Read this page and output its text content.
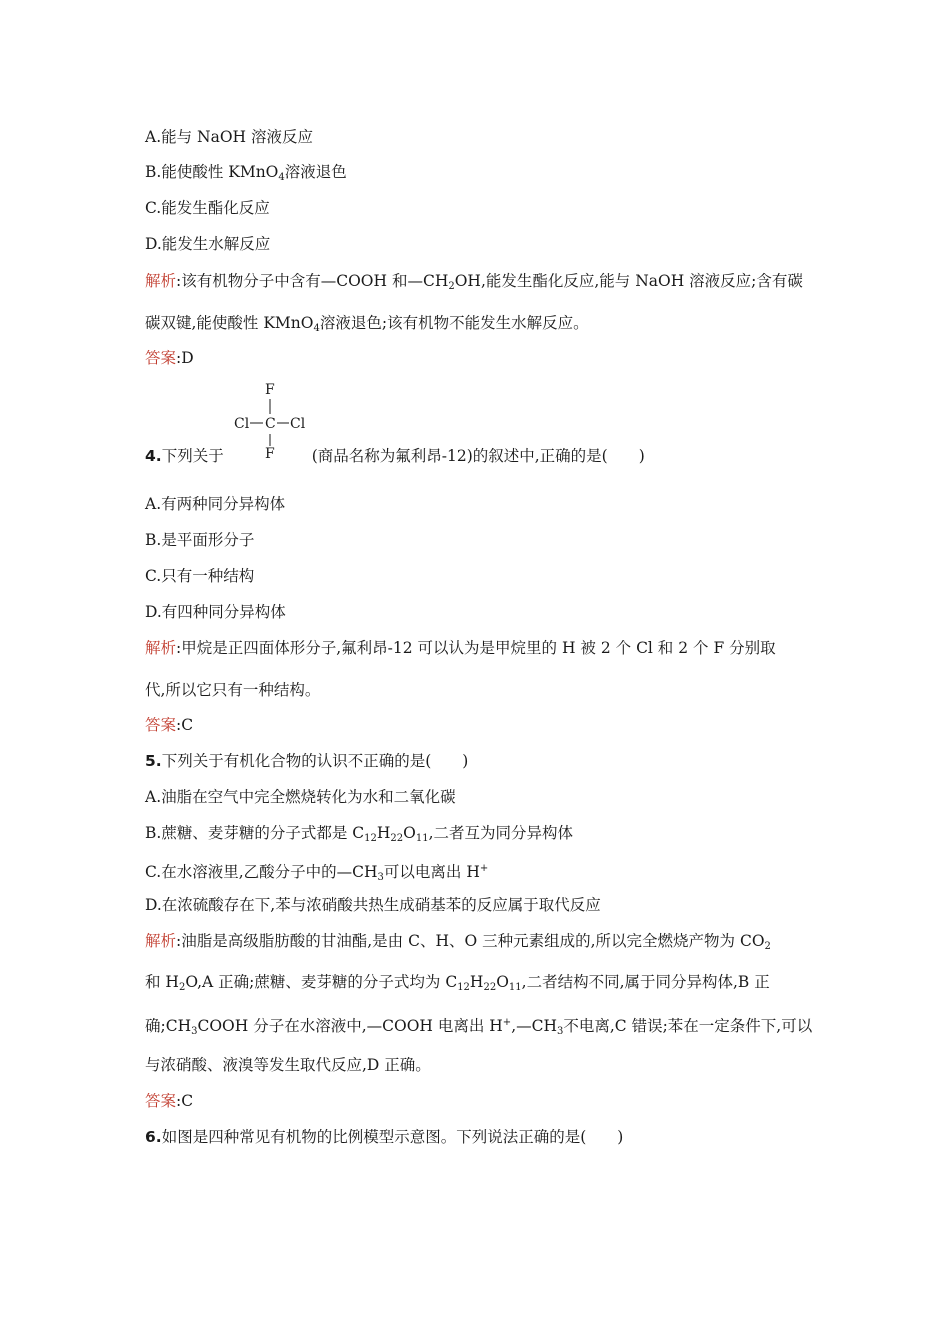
A.能与 NaOH 溶液反应
B.能使酸性 KMnO$_4$溶液退色
C.能发生酯化反应
D.能发生水解反应
解析:该有机物分子中含有—COOH 和$—CH_2OH$,能发生酯化反应,能与 NaOH 溶液反应;含有碳
碳双键,能使酸性 KMnO$_4$溶液退色;该有机物不能发生水解反应。
答案:D
F
Cl C Cl
F
4.下列关于	(商品名称为氟利昂-12)的叙述中,正确的是(　　)
A.有两种同分异构体
B.是平面形分子
C.只有一种结构
D.有四种同分异构体
解析:甲烷是正四面体形分子,氟利昂-12 可以认为是甲烷里的 H 被 2 个 Cl 和 2 个 F 分别取
代,所以它只有一种结构。
答案:C
5.下列关于有机化合物的认识不正确的是(　　)
A.油脂在空气中完全燃烧转化为水和二氧化碳
B.蔗糖、麦芽糖的分子式都是 $C_{12}H_{22}O_{11}$,二者互为同分异构体
C.在水溶液里,乙酸分子中的$—CH_3$可以电离出 H+
D.在浓硫酸存在下,苯与浓硝酸共热生成硝基苯的反应属于取代反应
解析:油脂是高级脂肪酸的甘油酯,是由 C、H、O 三种元素组成的,所以完全燃烧产物为 $CO_2$
和 $H_2O,A$ 正确;蔗糖、麦芽糖的分子式均为 $C_{12}H_{22}O_{11}$,二者结构不同,属于同分异构体,B 正
确$;CH_3COOH$ 分子在水溶液中,—COOH 电离出 $H^+,—CH_3$不电离,C 错误;苯在一定条件下,可以
与浓硝酸、液溴等发生取代反应,D 正确。
答案:C
6.如图是四种常见有机物的比例模型示意图。下列说法正确的是(　　)
